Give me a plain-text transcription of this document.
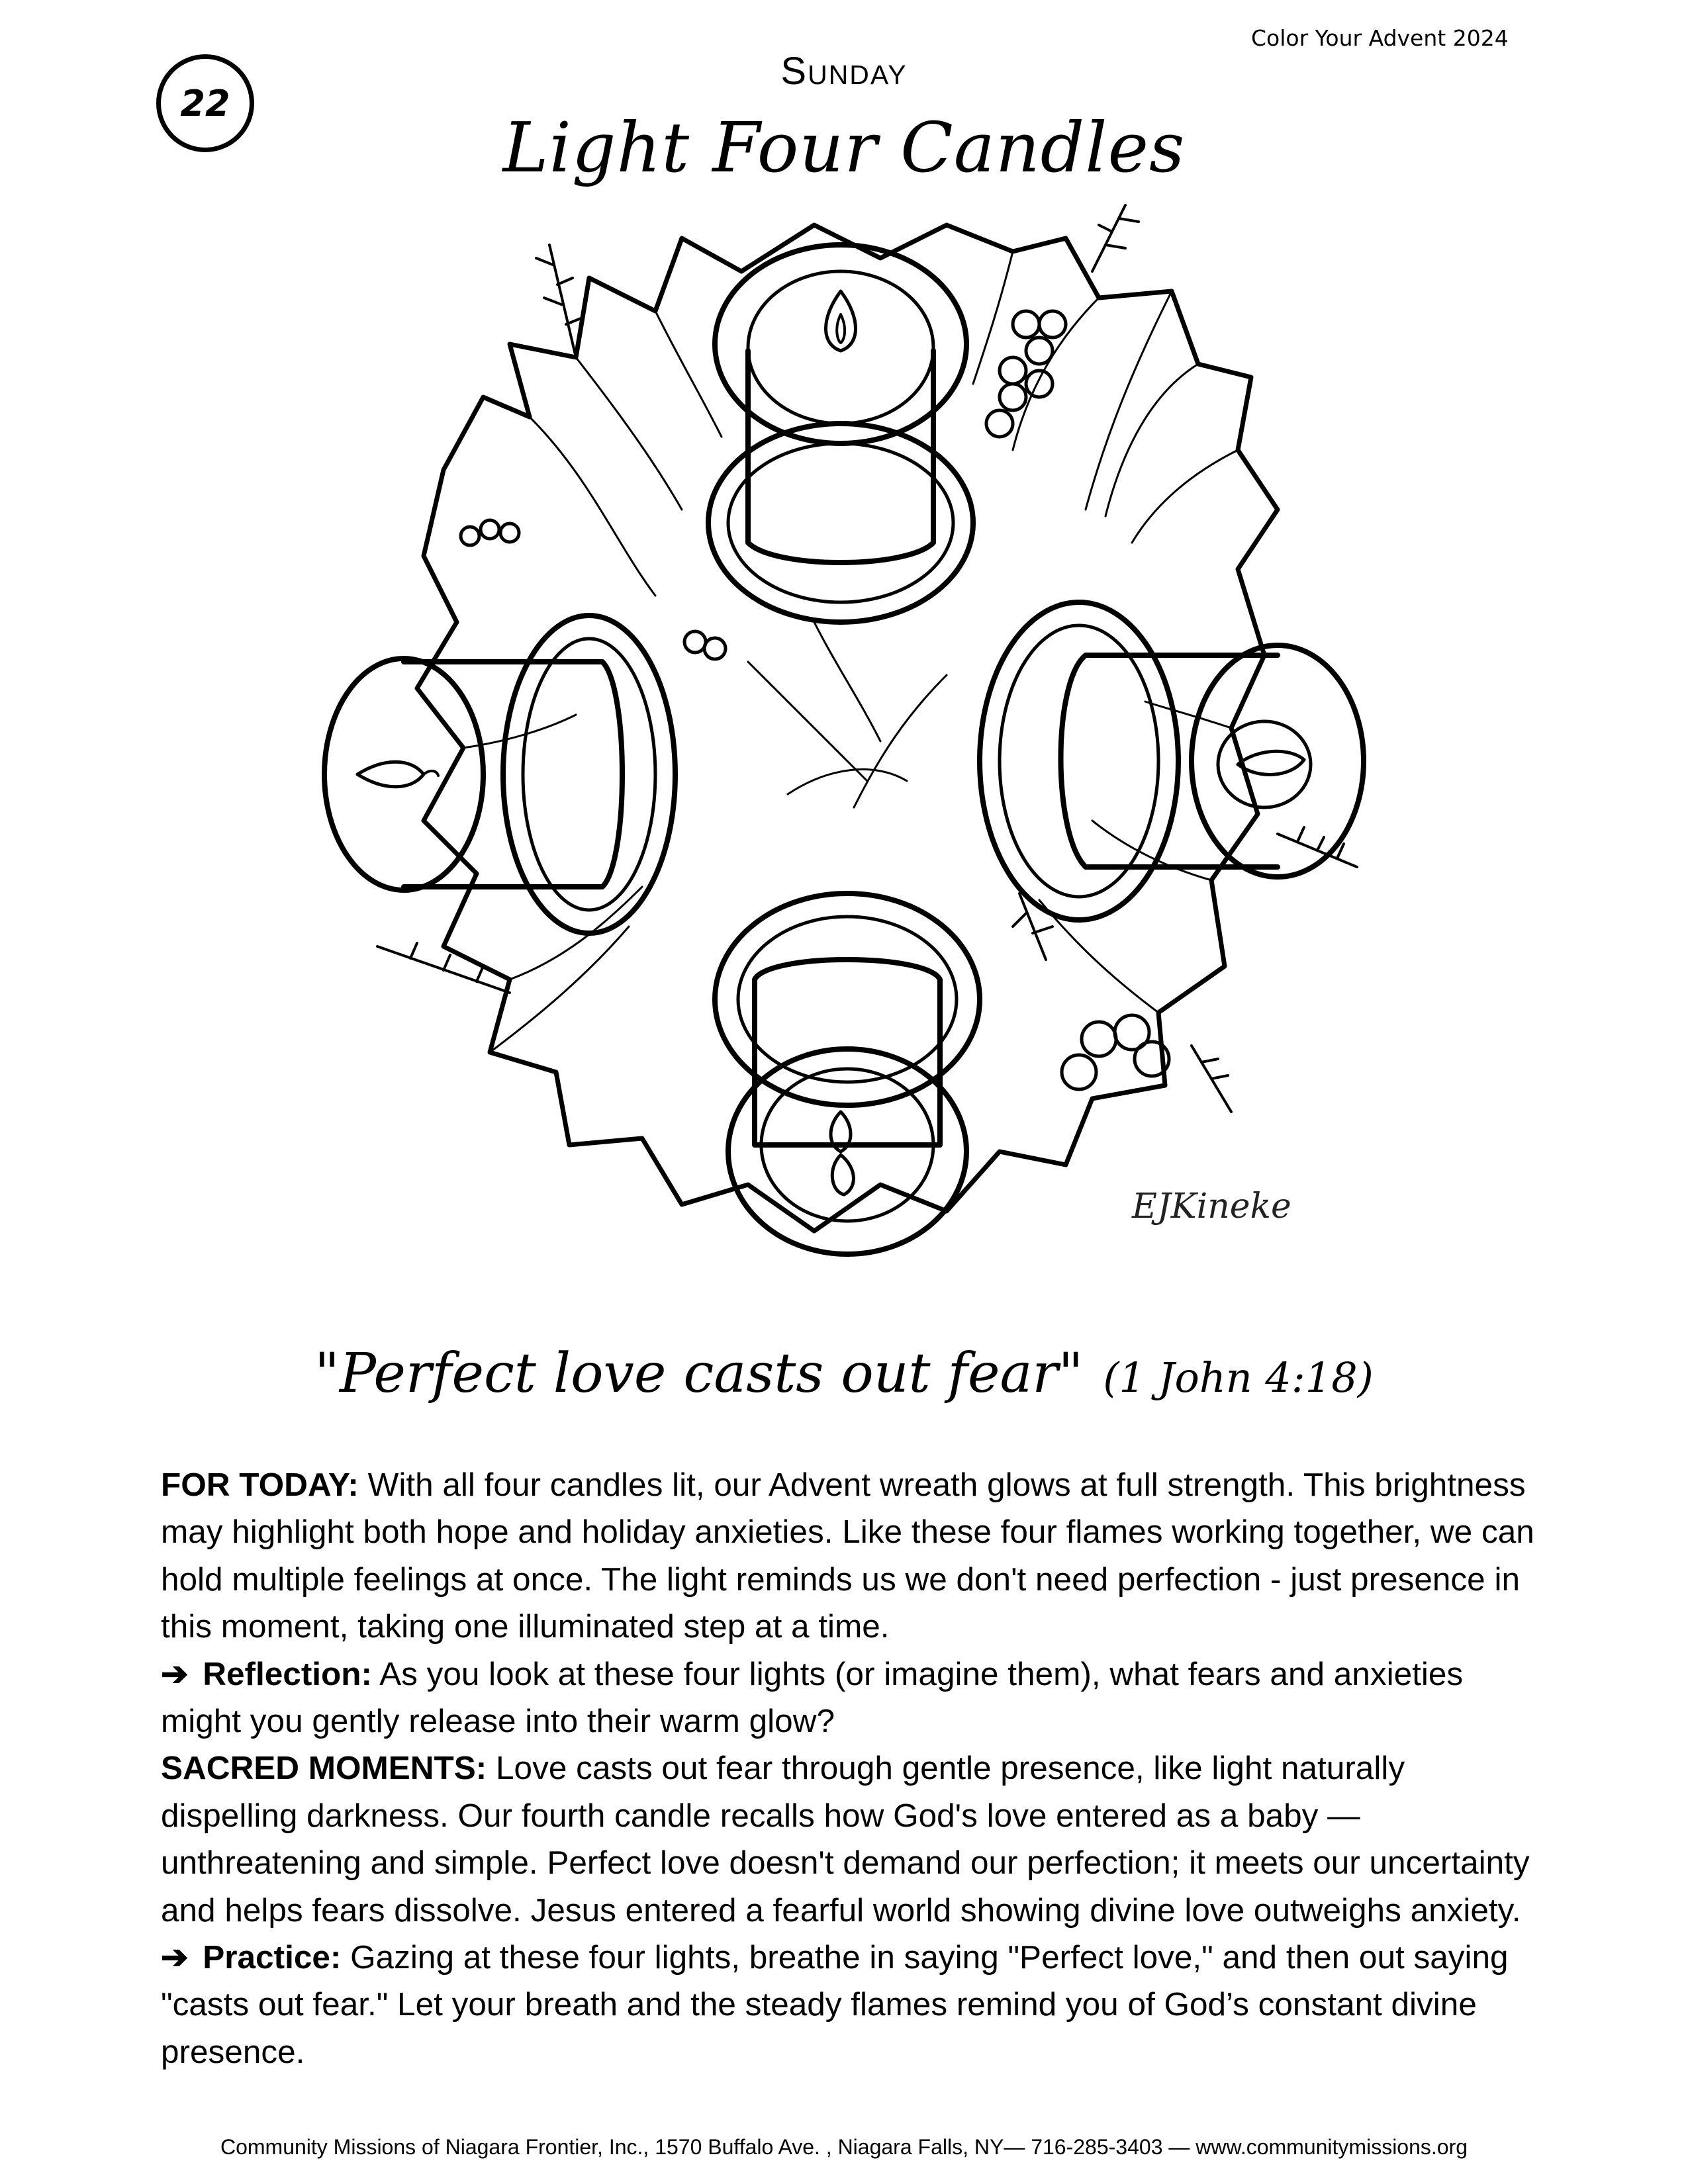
Color Your Advent 2024
22
Sunday
Light Four Candles
EJKineke
"Perfect love casts out fear" (1 John 4:18)

FOR TODAY: With all four candles lit, our Advent wreath glows at full strength. This brightness may highlight both hope and holiday anxieties. Like these four flames working together, we can hold multiple feelings at once. The light reminds us we don't need perfection - just presence in this moment, taking one illuminated step at a time.

➔ Reflection: As you look at these four lights (or imagine them), what fears and anxieties might you gently release into their warm glow?

SACRED MOMENTS: Love casts out fear through gentle presence, like light naturally dispelling darkness. Our fourth candle recalls how God's love entered as a baby — unthreatening and simple. Perfect love doesn't demand our perfection; it meets our uncertainty and helps fears dissolve. Jesus entered a fearful world showing divine love outweighs anxiety.

➔ Practice: Gazing at these four lights, breathe in saying "Perfect love," and then out saying "casts out fear." Let your breath and the steady flames remind you of God’s constant divine presence.

Community Missions of Niagara Frontier, Inc., 1570 Buffalo Ave. , Niagara Falls, NY— 716-285-3403 — www.communitymissions.org
